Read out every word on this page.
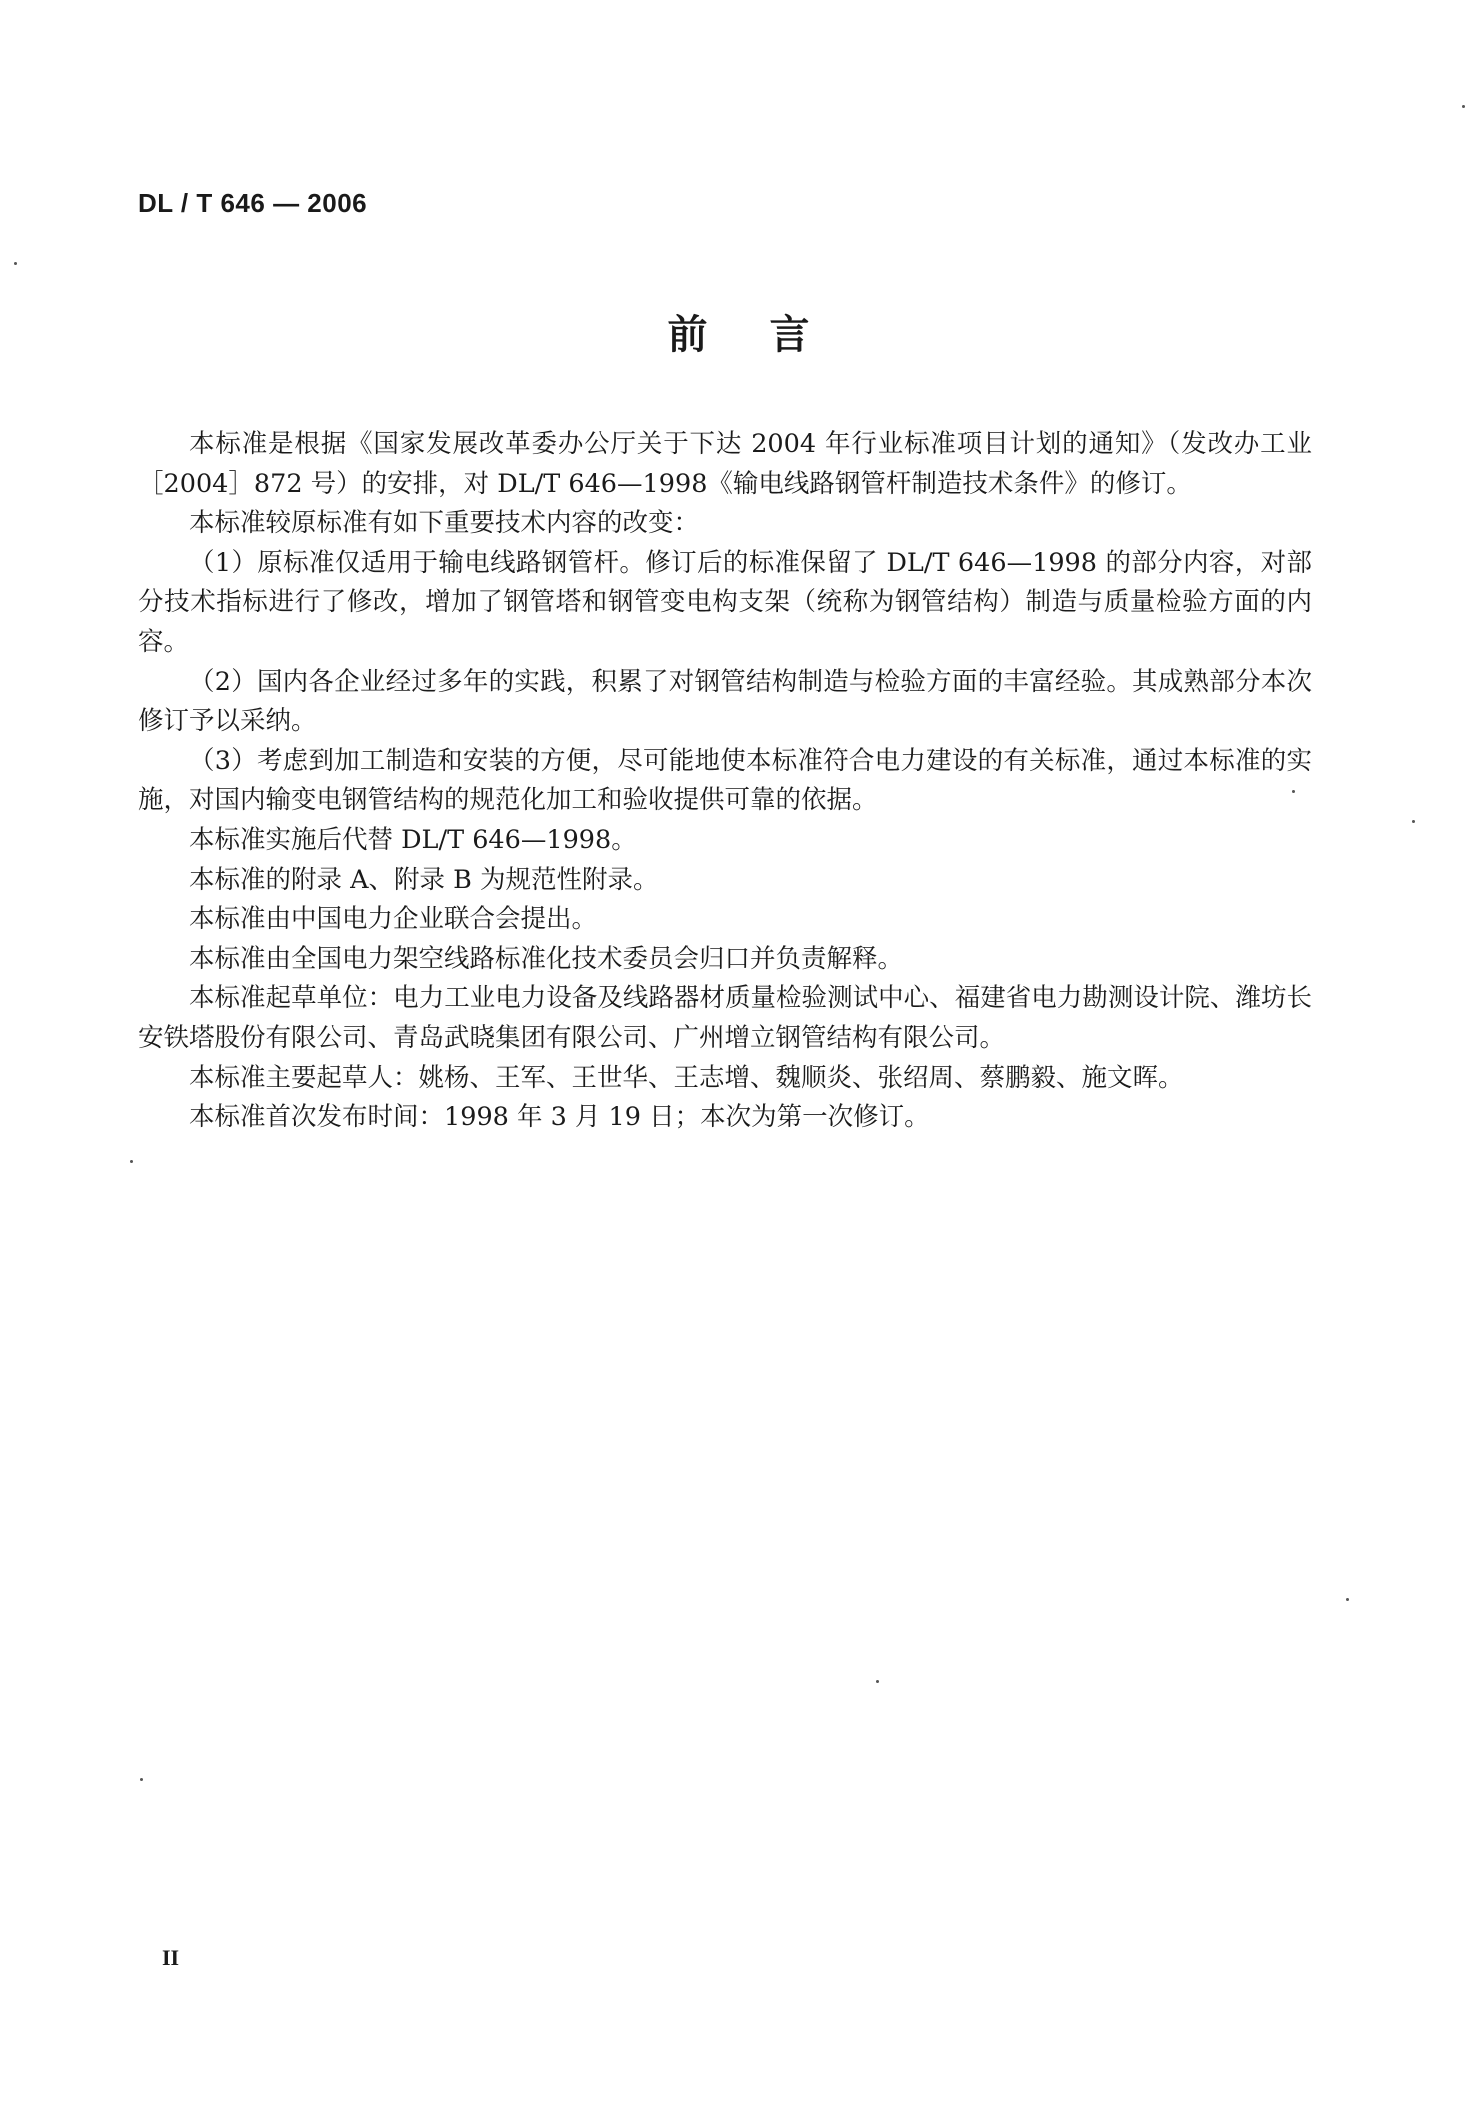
DL / T 646 — 2006
前言

本标准是根据《国家发展改革委办公厅关于下达 2004 年行业标准项目计划的通知》（发改办工业［2004］872 号）的安排，对 DL/T 646—1998《输电线路钢管杆制造技术条件》的修订。

本标准较原标准有如下重要技术内容的改变：

（1）原标准仅适用于输电线路钢管杆。修订后的标准保留了 DL/T 646—1998 的部分内容，对部分技术指标进行了修改，增加了钢管塔和钢管变电构支架（统称为钢管结构）制造与质量检验方面的内容。

（2）国内各企业经过多年的实践，积累了对钢管结构制造与检验方面的丰富经验。其成熟部分本次修订予以采纳。

（3）考虑到加工制造和安装的方便，尽可能地使本标准符合电力建设的有关标准，通过本标准的实施，对国内输变电钢管结构的规范化加工和验收提供可靠的依据。

本标准实施后代替 DL/T 646—1998。

本标准的附录 A、附录 B 为规范性附录。

本标准由中国电力企业联合会提出。

本标准由全国电力架空线路标准化技术委员会归口并负责解释。

本标准起草单位：电力工业电力设备及线路器材质量检验测试中心、福建省电力勘测设计院、潍坊长安铁塔股份有限公司、青岛武晓集团有限公司、广州增立钢管结构有限公司。

本标准主要起草人：姚杨、王军、王世华、王志增、魏顺炎、张绍周、蔡鹏毅、施文晖。

本标准首次发布时间：1998 年 3 月 19 日；本次为第一次修订。

II
